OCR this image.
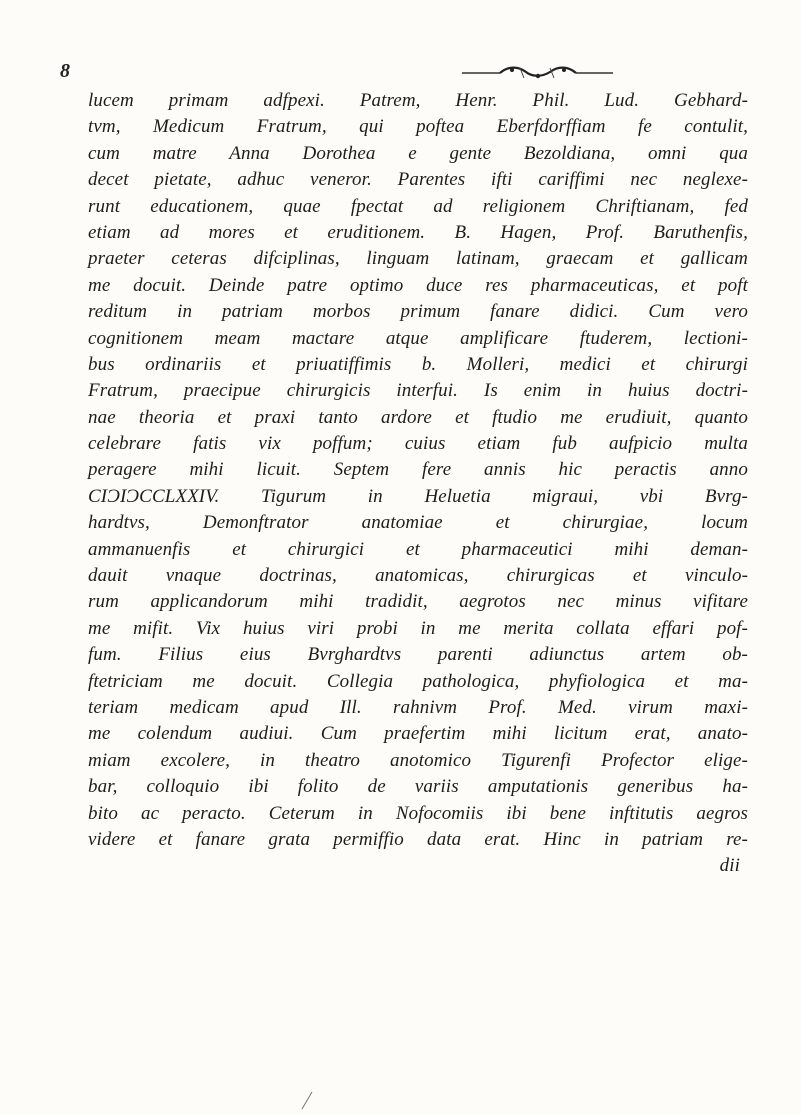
8
lucem primam adfpexi. Patrem, Henr. Phil. Lud. Gebhard-
tvm, Medicum Fratrum, qui poftea Eberfdorffiam fe contulit,
cum matre Anna Dorothea e gente Bezoldiana, omni qua
decet pietate, adhuc veneror. Parentes ifti cariffimi nec neglexe-
runt educationem, quae fpectat ad religionem Chriftianam, fed
etiam ad mores et eruditionem. B. Hagen, Prof. Baruthenfis,
praeter ceteras difciplinas, linguam latinam, graecam et gallicam
me docuit. Deinde patre optimo duce res pharmaceuticas, et poft
reditum in patriam morbos primum fanare didici. Cum vero
cognitionem meam mactare atque amplificare ftuderem, lectioni-
bus ordinariis et priuatiffimis b. Molleri, medici et chirurgi
Fratrum, praecipue chirurgicis interfui. Is enim in huius doctri-
nae theoria et praxi tanto ardore et ftudio me erudiuit, quanto
celebrare fatis vix poffum; cuius etiam fub aufpicio multa
peragere mihi licuit. Septem fere annis hic peractis anno
CIƆIƆCCLXXIV. Tigurum in Heluetia migraui, vbi Bvrg-
hardtvs, Demonftrator anatomiae et chirurgiae, locum
ammanuenfis et chirurgici et pharmaceutici mihi deman-
dauit vnaque doctrinas, anatomicas, chirurgicas et vinculo-
rum applicandorum mihi tradidit, aegrotos nec minus vifitare
me mifit. Vix huius viri probi in me merita collata effari pof-
fum. Filius eius Bvrghardtvs parenti adiunctus artem ob-
ftetriciam me docuit. Collegia pathologica, phyfiologica et ma-
teriam medicam apud Ill. rahnivm Prof. Med. virum maxi-
me colendum audiui. Cum praefertim mihi licitum erat, anato-
miam excolere, in theatro anotomico Tigurenfi Profector elige-
bar, colloquio ibi folito de variis amputationis generibus ha-
bito ac peracto. Ceterum in Nofocomiis ibi bene inftitutis aegros
videre et fanare grata permiffio data erat. Hinc in patriam re-
dii
